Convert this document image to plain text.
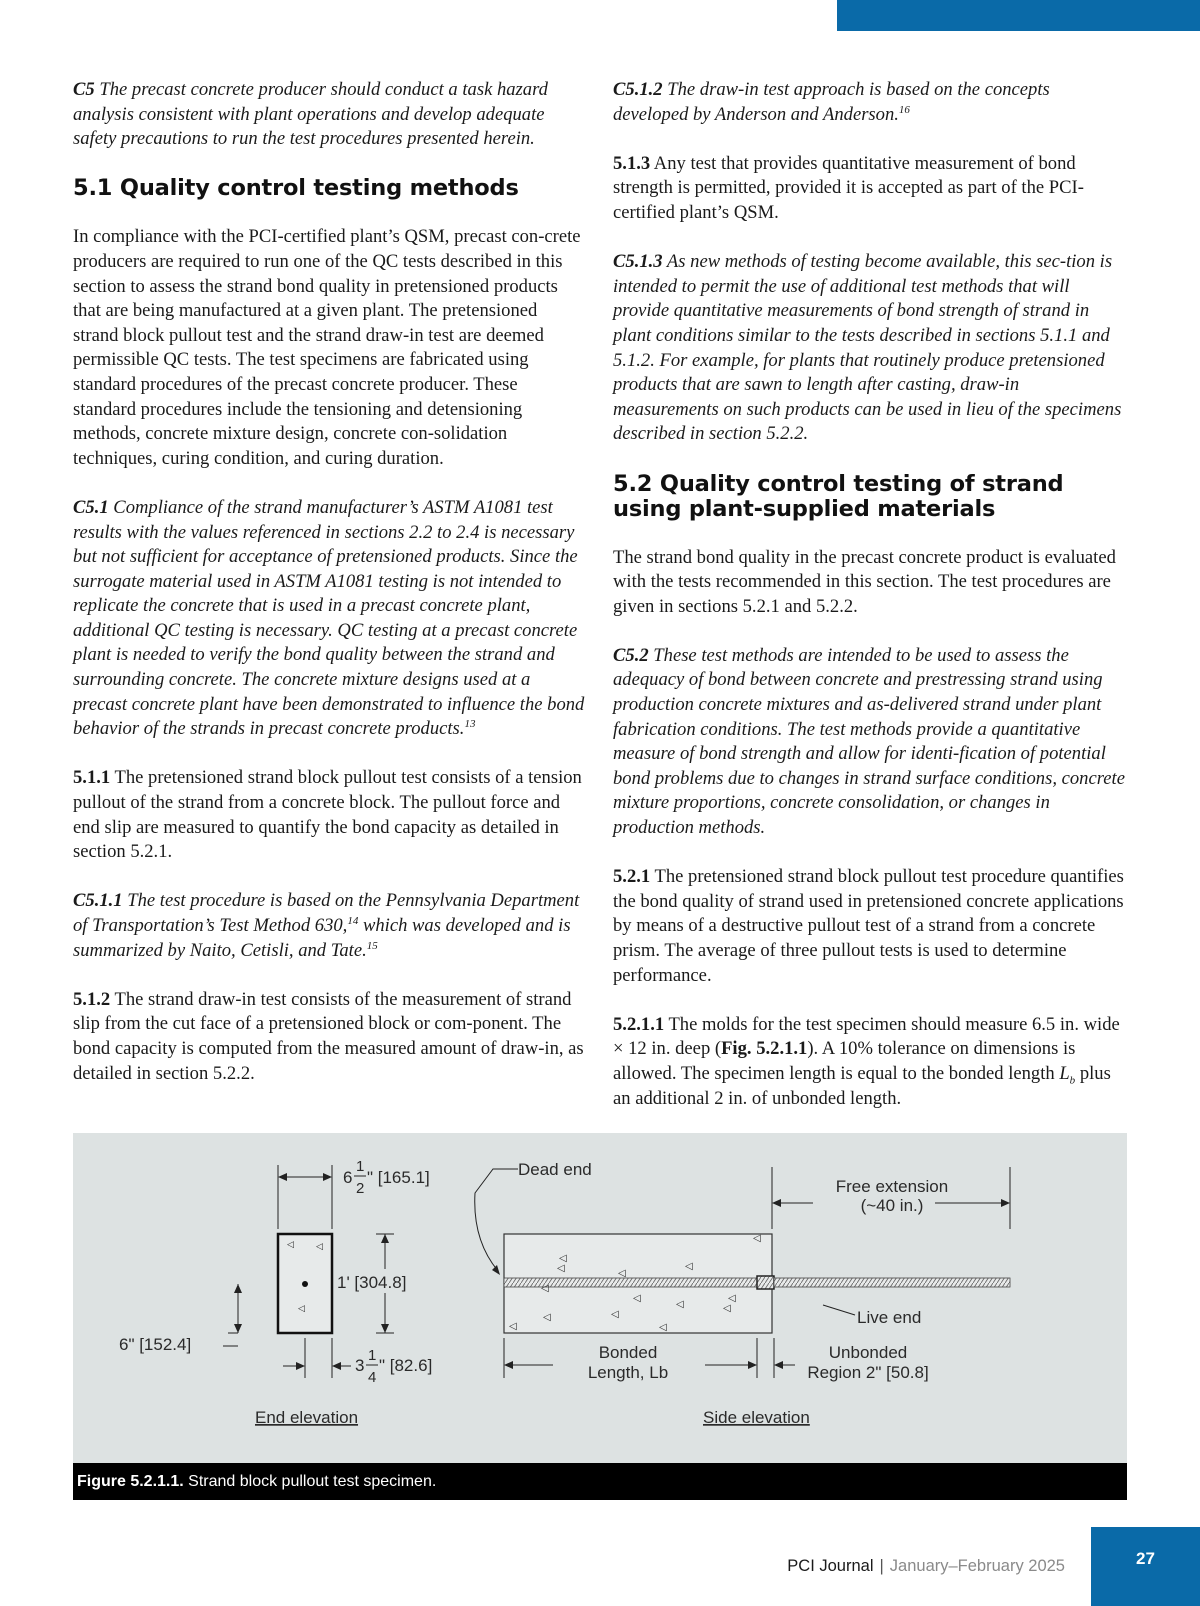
C5 The precast concrete producer should conduct a task hazard analysis consistent with plant operations and develop adequate safety precautions to run the test procedures presented herein.

5.1 Quality control testing methods

In compliance with the PCI-certified plant’s QSM, precast con-crete producers are required to run one of the QC tests described in this section to assess the strand bond quality in pretensioned products that are being manufactured at a given plant. The pretensioned strand block pullout test and the strand draw-in test are deemed permissible QC tests. The test specimens are fabricated using standard procedures of the precast concrete producer. These standard procedures include the tensioning and detensioning methods, concrete mixture design, concrete con-solidation techniques, curing condition, and curing duration.

C5.1 Compliance of the strand manufacturer’s ASTM A1081 test results with the values referenced in sections 2.2 to 2.4 is necessary but not sufficient for acceptance of pretensioned products. Since the surrogate material used in ASTM A1081 testing is not intended to replicate the concrete that is used in a precast concrete plant, additional QC testing is necessary. QC testing at a precast concrete plant is needed to verify the bond quality between the strand and surrounding concrete. The concrete mixture designs used at a precast concrete plant have been demonstrated to influence the bond behavior of the strands in precast concrete products.$^{13}$

5.1.1 The pretensioned strand block pullout test consists of a tension pullout of the strand from a concrete block. The pullout force and end slip are measured to quantify the bond capacity as detailed in section 5.2.1.

C5.1.1 The test procedure is based on the Pennsylvania Department of Transportation’s Test Method 630,14 which was developed and is summarized by Naito, Cetisli, and Tate.$^{15}$

5.1.2 The strand draw-in test consists of the measurement of strand slip from the cut face of a pretensioned block or com-ponent. The bond capacity is computed from the measured amount of draw-in, as detailed in section 5.2.2.

C5.1.2 The draw-in test approach is based on the concepts developed by Anderson and Anderson.$^{16}$

5.1.3 Any test that provides quantitative measurement of bond strength is permitted, provided it is accepted as part of the PCI-certified plant’s QSM.

C5.1.3 As new methods of testing become available, this sec-tion is intended to permit the use of additional test methods that will provide quantitative measurements of bond strength of strand in plant conditions similar to the tests described in sections 5.1.1 and 5.1.2. For example, for plants that routinely produce pretensioned products that are sawn to length after casting, draw-in measurements on such products can be used in lieu of the specimens described in section 5.2.2.

5.2 Quality control testing of strand using plant-supplied materials

The strand bond quality in the precast concrete product is evaluated with the tests recommended in this section. The test procedures are given in sections 5.2.1 and 5.2.2.

C5.2 These test methods are intended to be used to assess the adequacy of bond between concrete and prestressing strand using production concrete mixtures and as-delivered strand under plant fabrication conditions. The test methods provide a quantitative measure of bond strength and allow for identi-fication of potential bond problems due to changes in strand surface conditions, concrete mixture proportions, concrete consolidation, or changes in production methods.

5.2.1 The pretensioned strand block pullout test procedure quantifies the bond quality of strand used in pretensioned concrete applications by means of a destructive pullout test of a strand from a concrete prism. The average of three pullout tests is used to determine performance.

5.2.1.1 The molds for the test specimen should measure 6.5 in. wide × 12 in. deep (Fig. 5.2.1.1). A 10% tolerance on dimensions is allowed. The specimen length is equal to the bonded length $L_b$ plus an additional 2 in. of unbonded length.

◁ ◁
◁
6
1
2
" [165.1]
1' [304.8]
6" [152.4]
3
1
4
" [82.6]
End elevation
◁
◁
◁
◁
◁
◁
◁
◁
◁
◁
◁
◁
◁
◁
Dead end
Free extension
(~40 in.)
Live end
Bonded
Length, Lb
Unbonded
Region 2" [50.8]
Side elevation
Figure 5.2.1.1. Strand block pullout test specimen.
PCI Journal | January–February 2025	27
